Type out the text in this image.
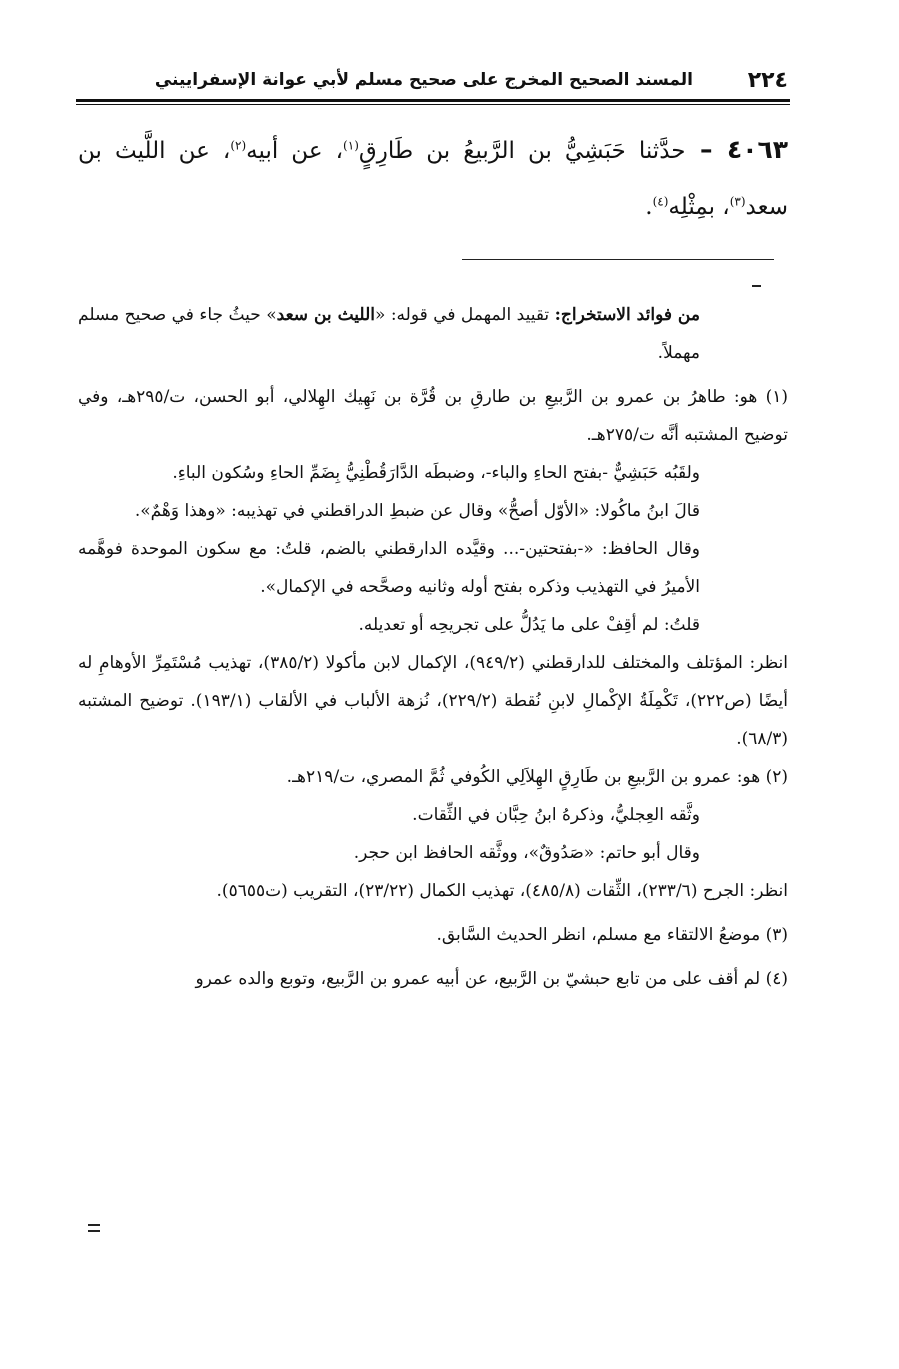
٢٢٤
المسند الصحيح المخرج على صحيح مسلم لأبي عوانة الإسفراييني
٤٠٦٣ – حدَّثنا حَبَشِيُّ بن الرَّبيعُ بن طَارِقٍ$^{(١)}$، عن أبيه$^{(٢)}$، عن اللَّيث بن سعد$^{(٣)}$، بمِثْلِه$^{(٤)}$.

من فوائد الاستخراج: تقييد المهمل في قوله: «الليث بن سعد» حيثُ جاء في صحيح مسلم مهملاً.

(١) هو: طاهرُ بن عمرو بن الرَّبيعِ بن طارقِ بن قُرَّة بن نَهِيك الهِلالي، أبو الحسن، ت/٢٩٥هـ، وفي توضيح المشتبه أنَّه ت/٢٧٥هـ.

ولقَبُه حَبَشِيٌّ -بفتح الحاءِ والباء-، وضبطَه الدَّارَقُطْنِيُّ بِضَمِّ الحاءِ وسُكون الباءِ.

قالَ ابنُ ماكُولا: «الأوّل أصحُّ» وقال عن ضبطِ الدراقطني في تهذيبه: «وهذا وَهْمٌ».

وقال الحافظ: «-بفتحتين-... وقيَّده الدارقطني بالضم، قلتُ: مع سكون الموحدة فوهَّمه الأميرُ في التهذيب وذكره بفتح أوله وثانيه وصحَّحه في الإكمال».

قلتُ: لم أقِفْ على ما يَدُلُّ على تجريحِه أو تعديله.

انظر: المؤتلف والمختلف للدارقطني (٩٤٩/٢)، الإكمال لابن مأكولا (٣٨٥/٢)، تهذيب مُسْتَمِرِّ الأوهامِ له أيضًا (ص٢٢٢)، تَكْمِلَةُ الإكْمالِ لابنِ نُقطة (٢٢٩/٢)، نُزهة الألباب في الألقاب (١٩٣/١). توضيح المشتبه (٦٨/٣).

(٢) هو: عمرو بن الرَّبيعِ بن طَارِقٍ الهِلاَلِي الكُوفي ثُمَّ المصري، ت/٢١٩هـ.

وثَّقه العِجليُّ، وذكرهُ ابنُ حِبَّان في الثِّقات.

وقال أبو حاتم: «صَدُوقٌ»، ووثَّقه الحافظ ابن حجر.

انظر: الجرح (٢٣٣/٦)، الثِّقات (٤٨٥/٨)، تهذيب الكمال (٢٣/٢٢)، التقريب (ت٥٦٥٥).

(٣) موضعُ الالتقاء مع مسلم، انظر الحديث السَّابق.

(٤) لم أقف على من تابع حبشيّ بن الرَّبيع، عن أبيه عمرو بن الرَّبيع، وتوبع والده عمرو
